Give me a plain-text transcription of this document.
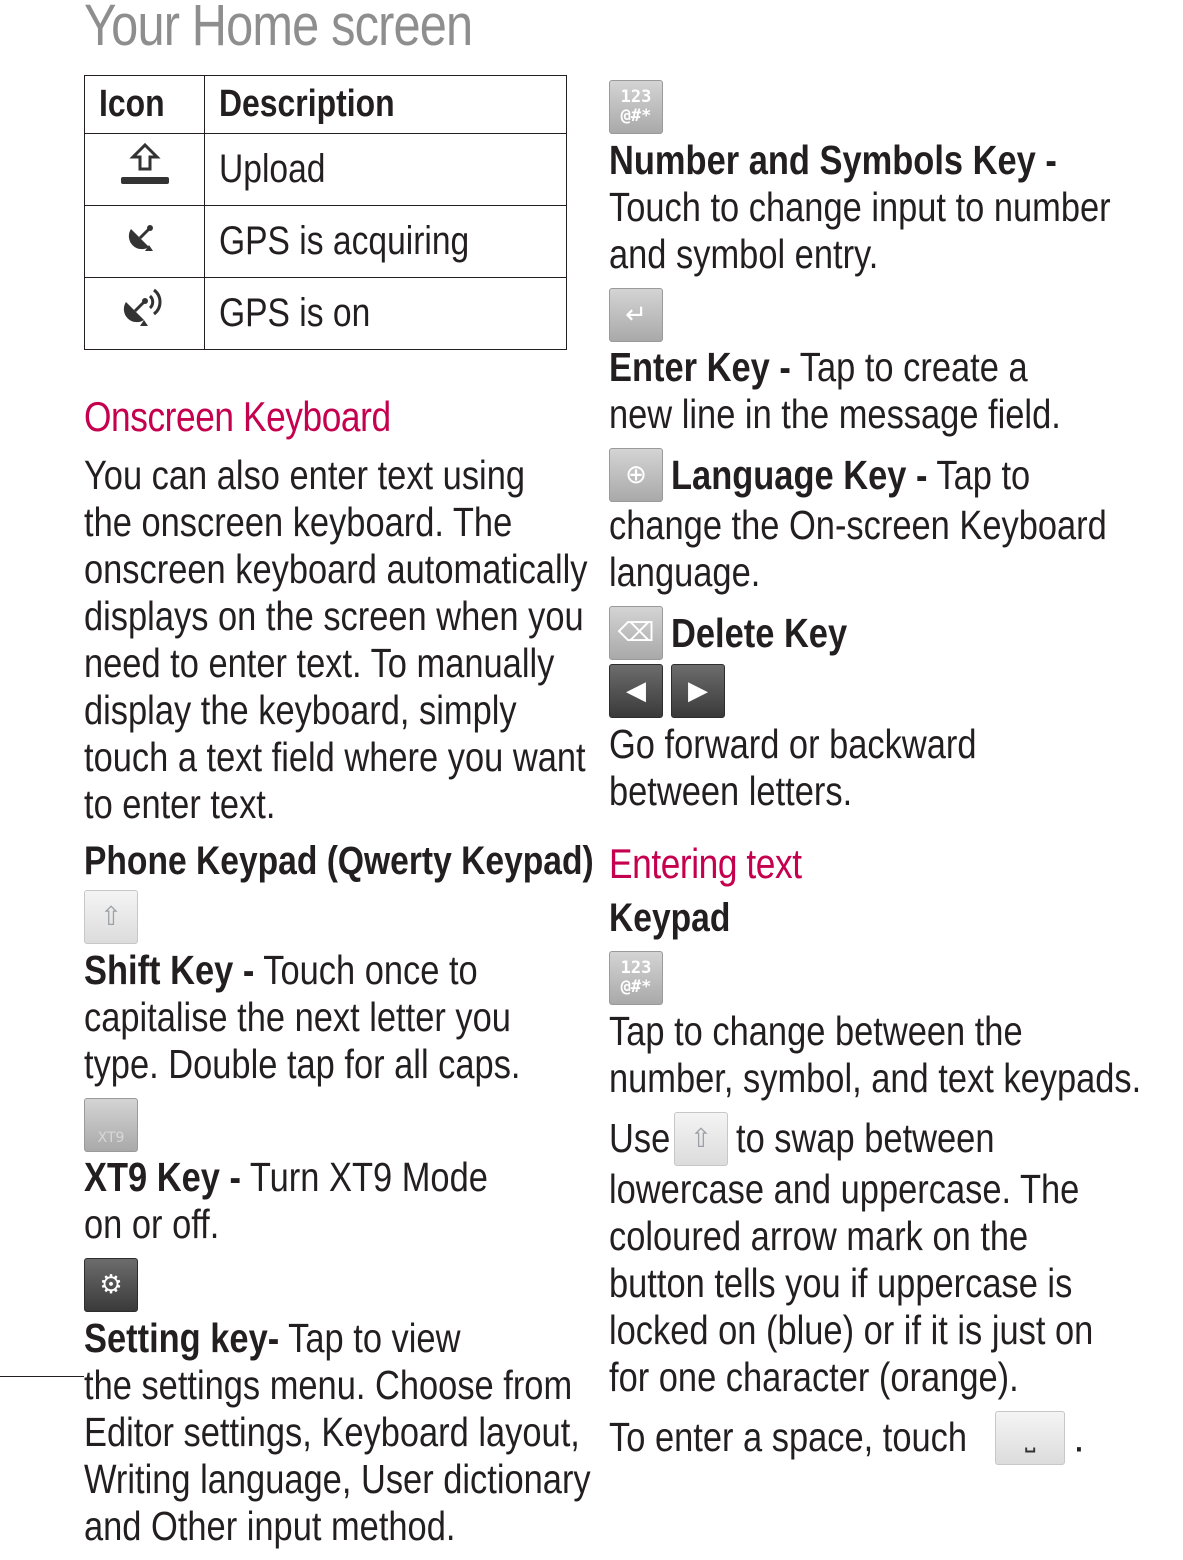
Your Home screen
Icon	Description
	Upload
	GPS is acquiring
	GPS is on
Onscreen Keyboard
You can also enter text using
the onscreen keyboard. The
onscreen keyboard automatically
displays on the screen when you
need to enter text. To manually
display the keyboard, simply
touch a text field where you want
to enter text.
Phone Keypad (Qwerty Keypad)
⇧
Shift Key - Touch once to
capitalise the next letter you
type. Double tap for all caps.
XT9
XT9 Key - Turn XT9 Mode
on or off.
⚙
Setting key- Tap to view
the settings menu. Choose from
Editor settings, Keyboard layout,
Writing language, User dictionary
and Other input method.
123
@#*
Number and Symbols Key -
Touch to change input to number
and symbol entry.
↵
Enter Key - Tap to create a
new line in the message field.
⊕ Language Key - Tap to
change the On-screen Keyboard
language.
⌫ Delete Key
◀	▶
Go forward or backward
between letters.
Entering text
Keypad
123
@#*
Tap to change between the
number, symbol, and text keypads.
Use ⇧ to swap between
lowercase and uppercase. The
coloured arrow mark on the
button tells you if uppercase is
locked on (blue) or if it is just on
for one character (orange).
To enter a space, touch	⎵ .
